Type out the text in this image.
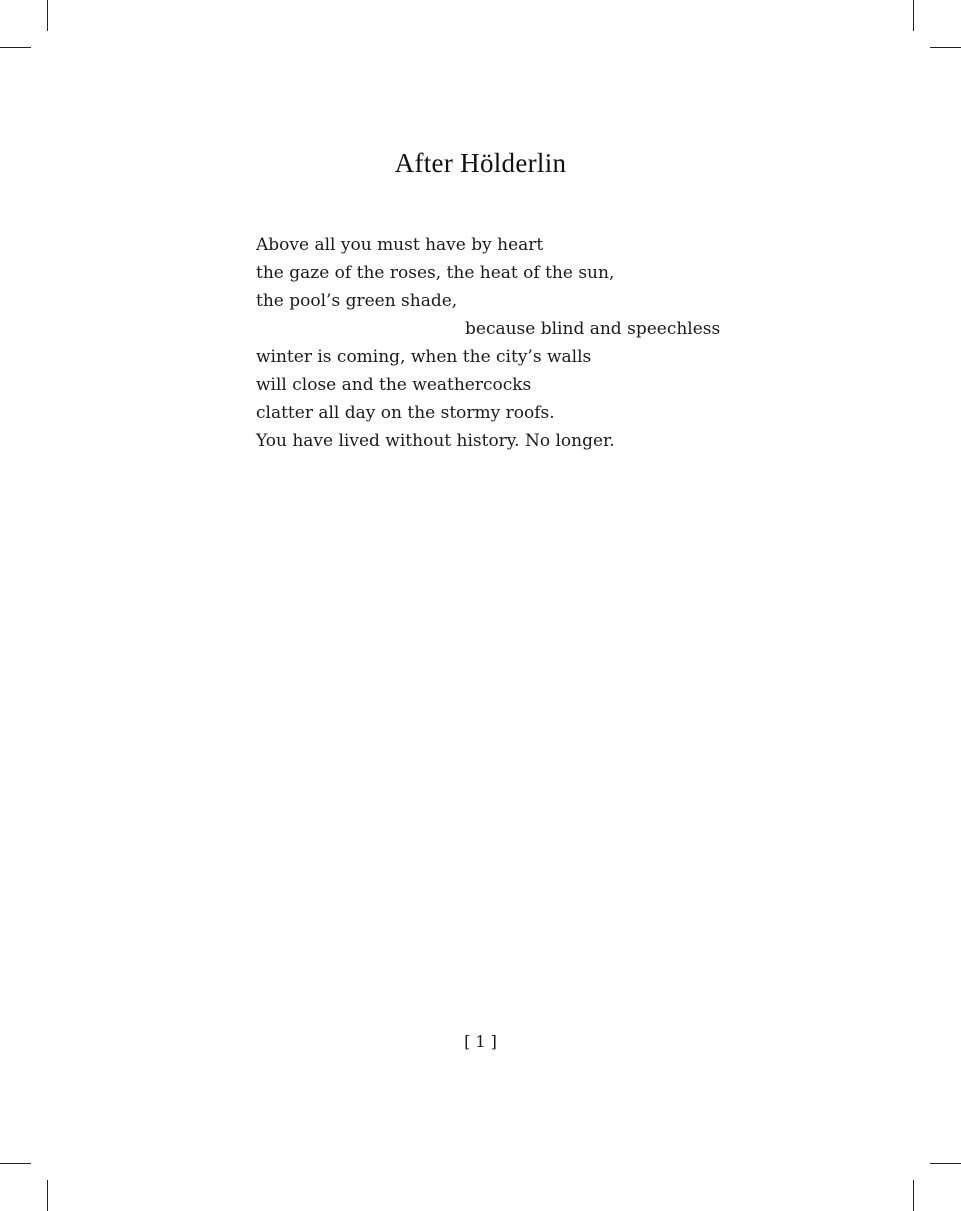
After Hölderlin
Above all you must have by heart
the gaze of the roses, the heat of the sun,
the pool’s green shade,
because blind and speechless
winter is coming, when the city’s walls
will close and the weathercocks
clatter all day on the stormy roofs.
You have lived without history. No longer.
[ 1 ]
